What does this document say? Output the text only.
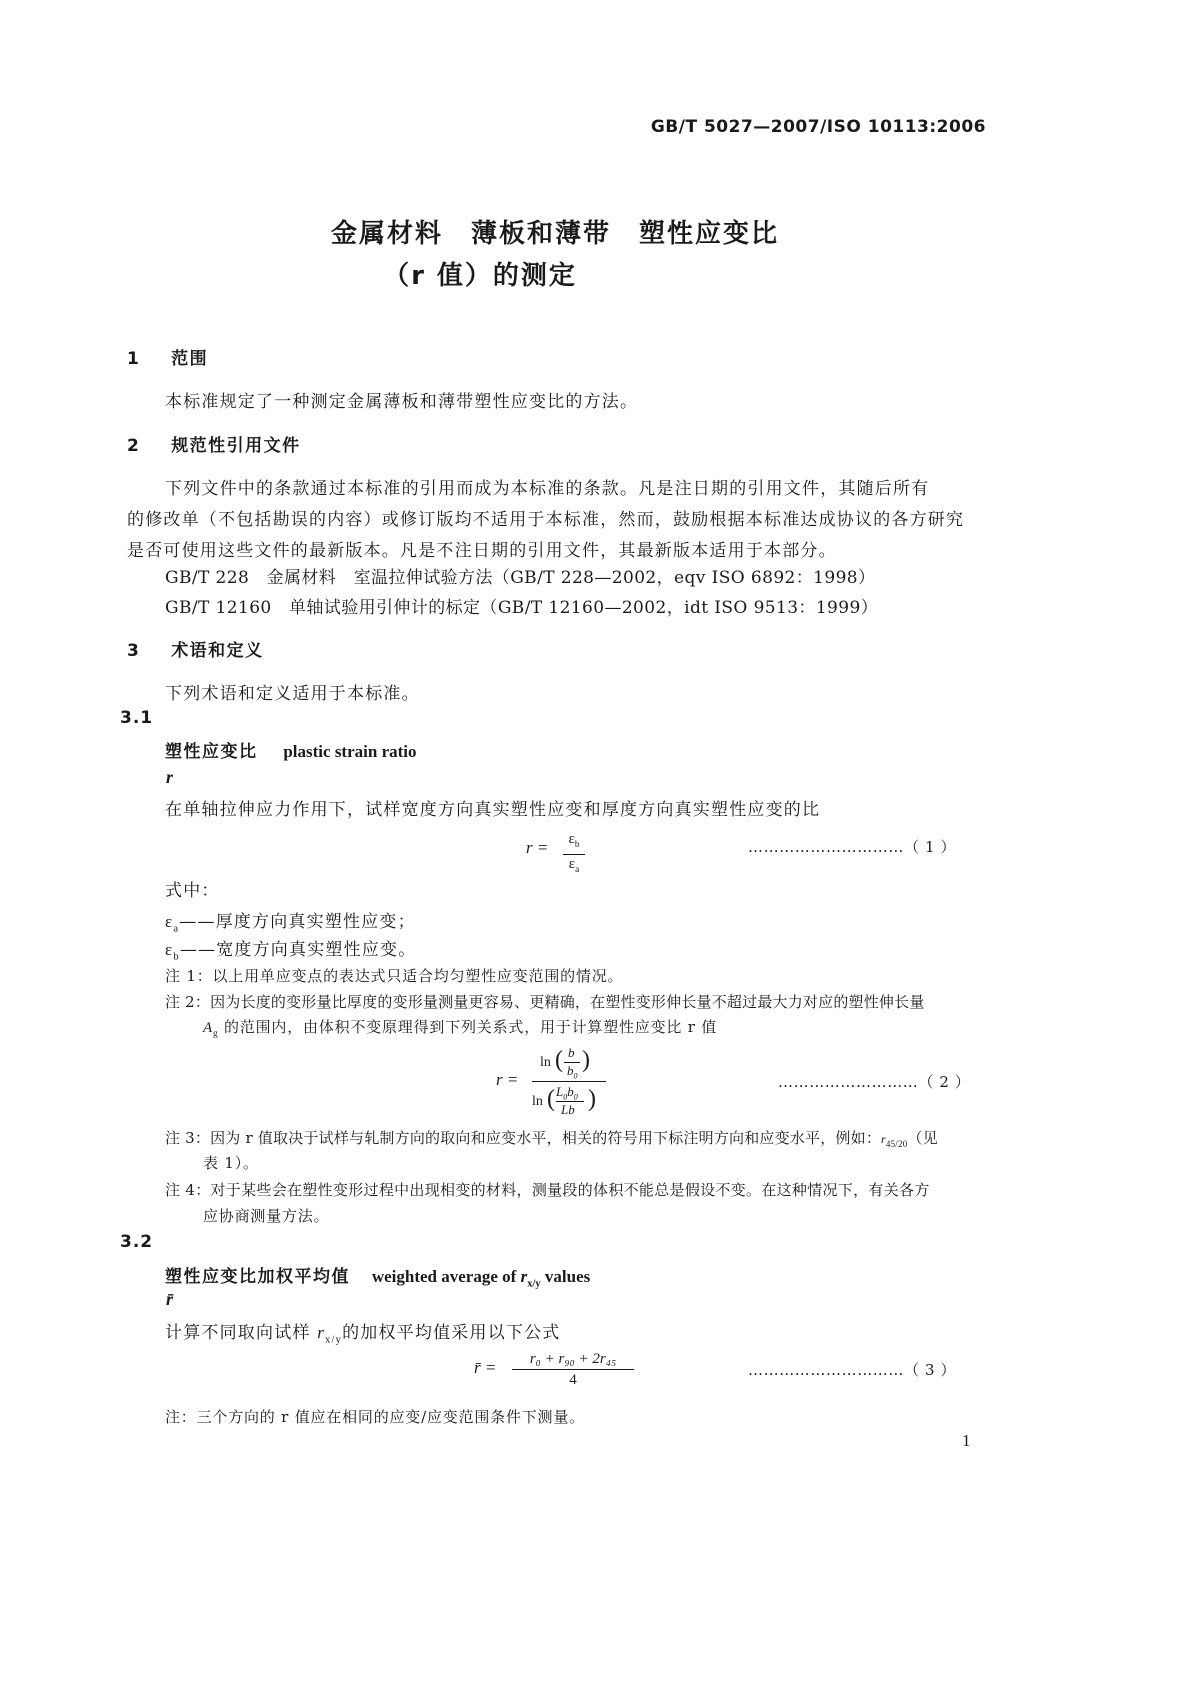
GB/T 5027—2007/ISO 10113:2006
金属材料　薄板和薄带　塑性应变比
（r 值）的测定
1 范围
本标准规定了一种测定金属薄板和薄带塑性应变比的方法。
2 规范性引用文件
下列文件中的条款通过本标准的引用而成为本标准的条款。凡是注日期的引用文件，其随后所有
的修改单（不包括勘误的内容）或修订版均不适用于本标准，然而，鼓励根据本标准达成协议的各方研究
是否可使用这些文件的最新版本。凡是不注日期的引用文件，其最新版本适用于本部分。
GB/T 228　金属材料　室温拉伸试验方法（GB/T 228—2002，eqv ISO 6892：1998）
GB/T 12160　单轴试验用引伸计的标定（GB/T 12160—2002，idt ISO 9513：1999）
3 术语和定义
下列术语和定义适用于本标准。
3.1
塑性应变比 plastic strain ratio
r
在单轴拉伸应力作用下，试样宽度方向真实塑性应变和厚度方向真实塑性应变的比
r =	$\varepsilon_b$
$\varepsilon_a$
…………………………（ 1 ）
式中：
$\varepsilon_a——$厚度方向真实塑性应变；
$\varepsilon_b——$宽度方向真实塑性应变。
注 1：以上用单应变点的表达式只适合均匀塑性应变范围的情况。
注 2：因为长度的变形量比厚度的变形量测量更容易、更精确，在塑性变形伸长量不超过最大力对应的塑性伸长量
$A_g$ 的范围内，由体积不变原理得到下列关系式，用于计算塑性应变比 r 值
r =
ln ( b
$b_0$
)
ln ( $L_0b_0$
Lb )
………………………（ 2 ）
注 3：因为 r 值取决于试样与轧制方向的取向和应变水平，相关的符号用下标注明方向和应变水平，例如：$r_{45/20}$（见
表 1）。
注 4：对于某些会在塑性变形过程中出现相变的材料，测量段的体积不能总是假设不变。在这种情况下，有关各方
应协商测量方法。
3.2
塑性应变比加权平均值 weighted average of $r_{x/y}$ values
r̄
计算不同取向试样 $r_{x/y}$的加权平均值采用以下公式
r̄ = $\frac{\text{r₀ + r₉₀ + 2r₄₅}}{4}$	…………………………（ 3 ）
注：三个方向的 r 值应在相同的应变/应变范围条件下测量。
1
